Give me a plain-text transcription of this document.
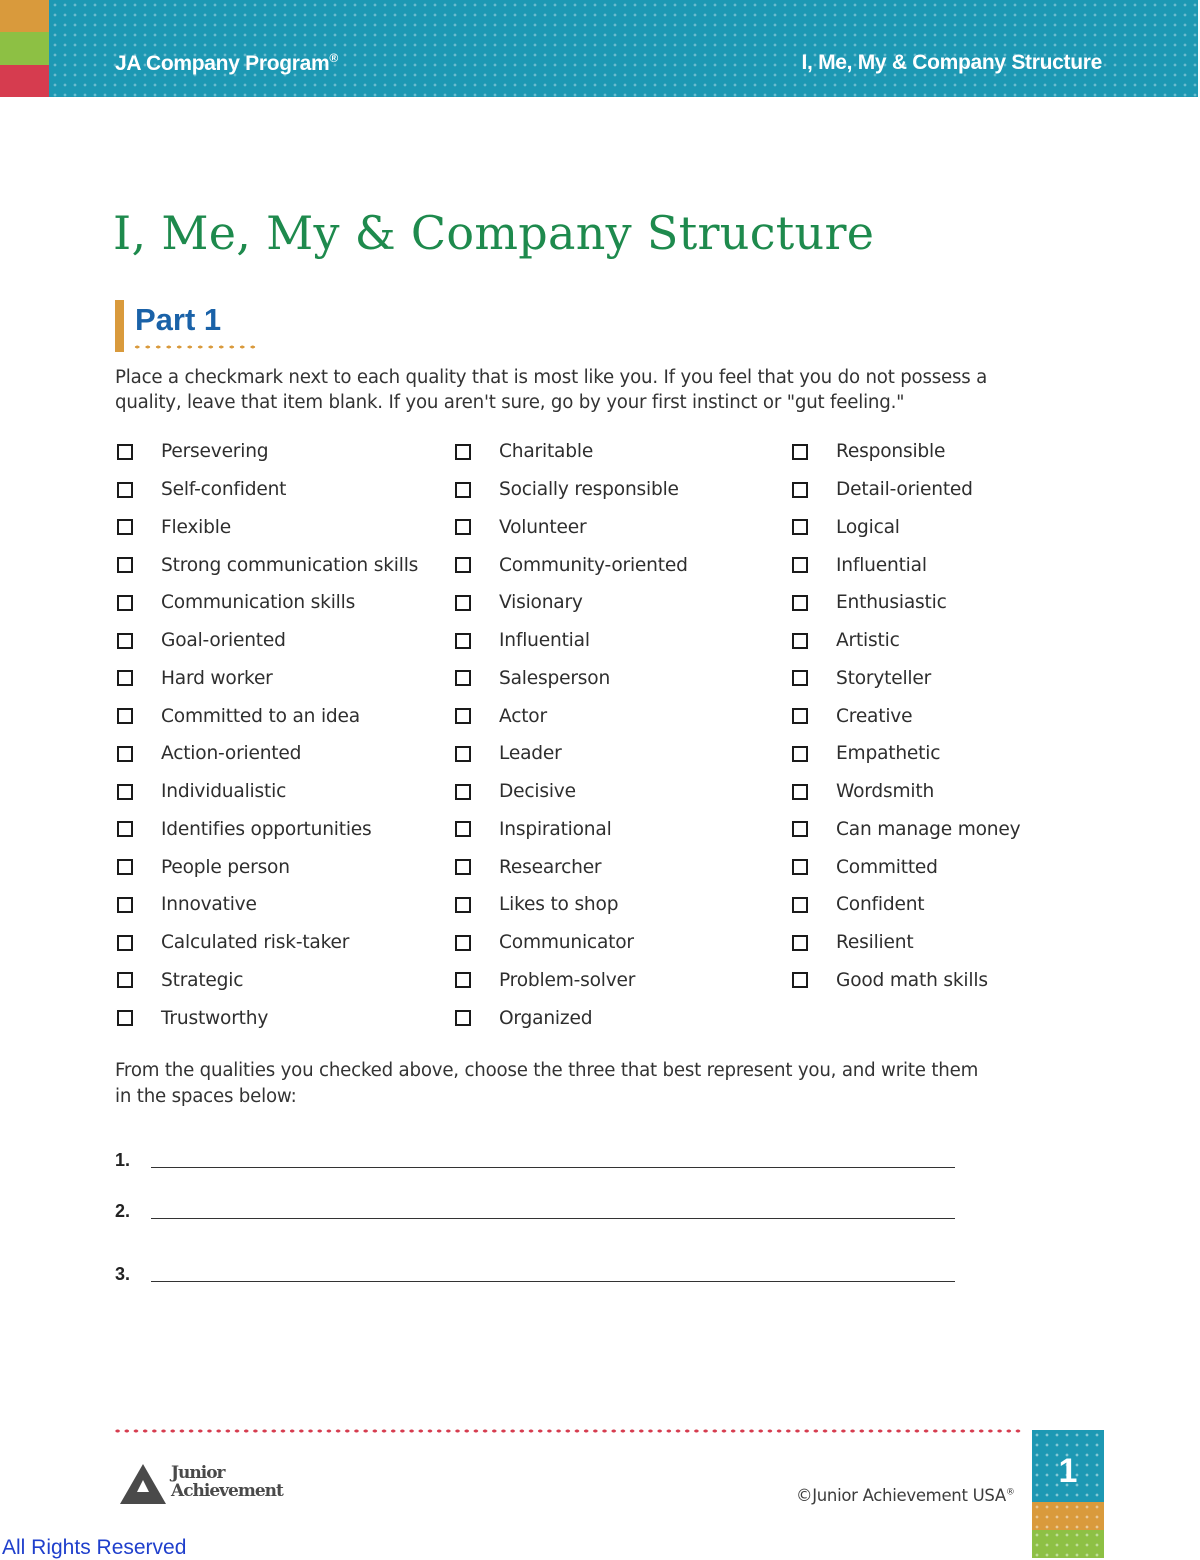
JA Company Program®	I, Me, My & Company Structure
I, Me, My & Company Structure
Part 1
Place a checkmark next to each quality that is most like you. If you feel that you do not possess a quality, leave that item blank. If you aren't sure, go by your first instinct or "gut feeling."
Persevering
Self-confident
Flexible
Strong communication skills
Communication skills
Goal-oriented
Hard worker
Committed to an idea
Action-oriented
Individualistic
Identifies opportunities
People person
Innovative
Calculated risk-taker
Strategic
Trustworthy
Charitable
Socially responsible
Volunteer
Community-oriented
Visionary
Influential
Salesperson
Actor
Leader
Decisive
Inspirational
Researcher
Likes to shop
Communicator
Problem-solver
Organized
Responsible
Detail-oriented
Logical
Influential
Enthusiastic
Artistic
Storyteller
Creative
Empathetic
Wordsmith
Can manage money
Committed
Confident
Resilient
Good math skills
From the qualities you checked above, choose the three that best represent you, and write them in the spaces below:
1.
2.
3.
Junior
Achievement	©Junior Achievement USA®
1
All Rights Reserved
